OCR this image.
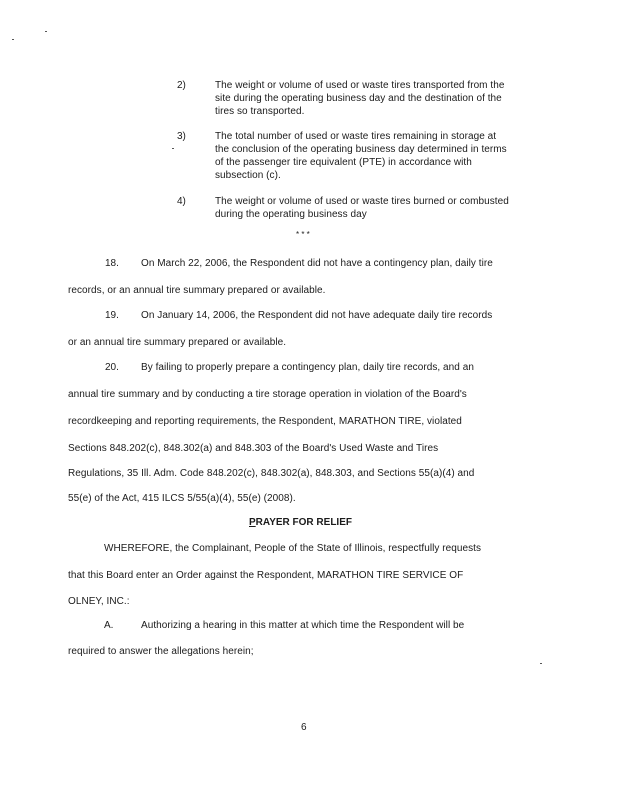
2)	The weight or volume of used or waste tires transported from the
site during the operating business day and the destination of the
tires so transported.
3)	The total number of used or waste tires remaining in storage at
the conclusion of the operating business day determined in terms
of the passenger tire equivalent (PTE) in accordance with
subsection (c).
4)	The weight or volume of used or waste tires burned or combusted
during the operating business day
* * *
18. On March 22, 2006, the Respondent did not have a contingency plan, daily tire
records, or an annual tire summary prepared or available.
19. On January 14, 2006, the Respondent did not have adequate daily tire records
or an annual tire summary prepared or available.
20. By failing to properly prepare a contingency plan, daily tire records, and an
annual tire summary and by conducting a tire storage operation in violation of the Board's
recordkeeping and reporting requirements, the Respondent, MARATHON TIRE, violated
Sections 848.202(c), 848.302(a) and 848.303 of the Board's Used Waste and Tires
Regulations, 35 Ill. Adm. Code 848.202(c), 848.302(a), 848.303, and Sections 55(a)(4) and
55(e) of the Act, 415 ILCS 5/55(a)(4), 55(e) (2008).
PRAYER FOR RELIEF
WHEREFORE, the Complainant, People of the State of Illinois, respectfully requests
that this Board enter an Order against the Respondent, MARATHON TIRE SERVICE OF
OLNEY, INC.:
A.	Authorizing a hearing in this matter at which time the Respondent will be
required to answer the allegations herein;
6
